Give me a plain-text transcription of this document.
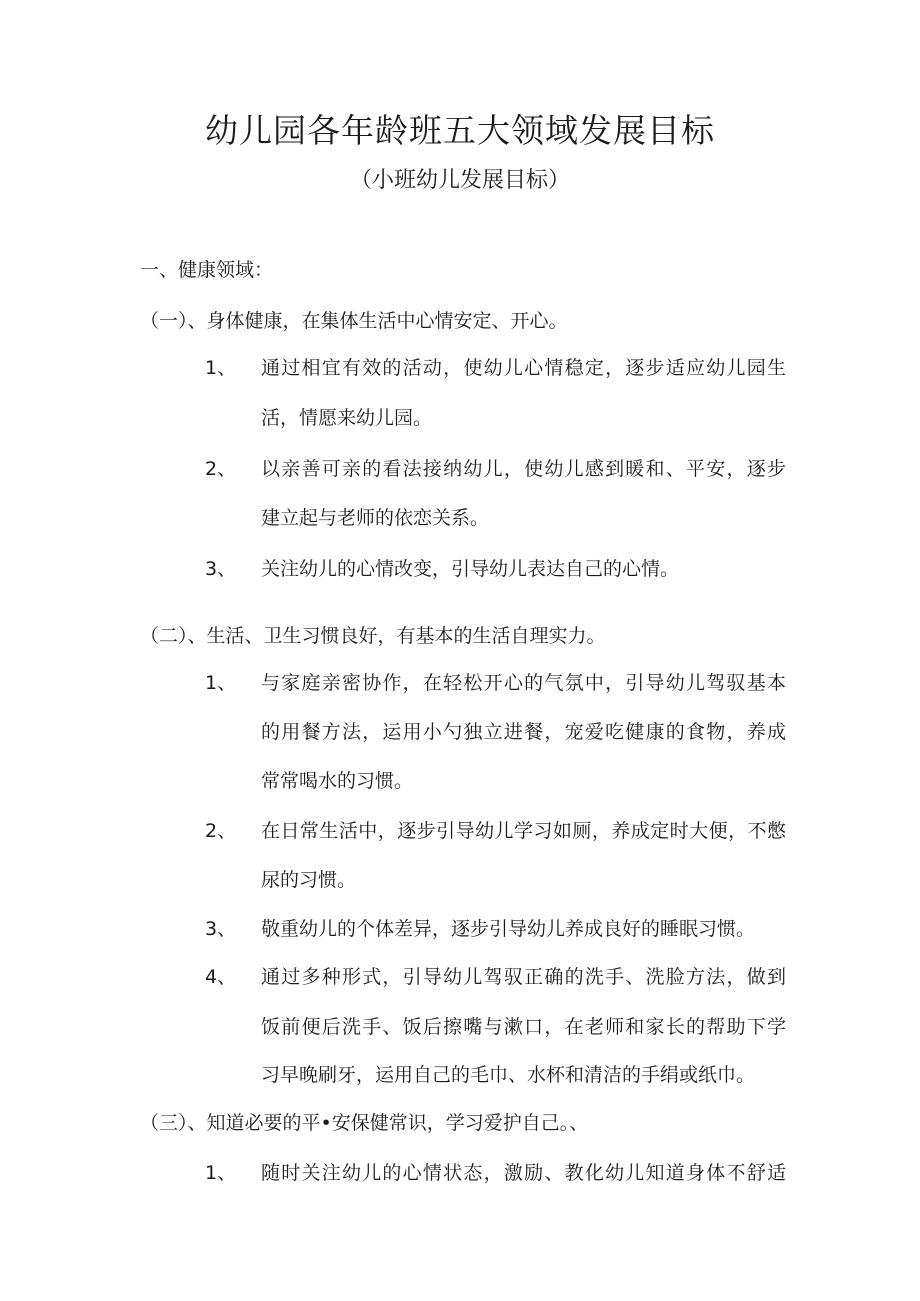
幼儿园各年龄班五大领域发展目标
（小班幼儿发展目标）
一、健康领域：
（一）、身体健康，在集体生活中心情安定、开心。
1、 通过相宜有效的活动，使幼儿心情稳定，逐步适应幼儿园生
活，情愿来幼儿园。
2、 以亲善可亲的看法接纳幼儿，使幼儿感到暖和、平安，逐步
建立起与老师的依恋关系。
3、 关注幼儿的心情改变，引导幼儿表达自己的心情。
（二）、生活、卫生习惯良好，有基本的生活自理实力。
1、 与家庭亲密协作，在轻松开心的气氛中，引导幼儿驾驭基本
的用餐方法，运用小勺独立进餐，宠爱吃健康的食物，养成
常常喝水的习惯。
2、 在日常生活中，逐步引导幼儿学习如厕，养成定时大便，不憋
尿的习惯。
3、 敬重幼儿的个体差异，逐步引导幼儿养成良好的睡眠习惯。
4、 通过多种形式，引导幼儿驾驭正确的洗手、洗脸方法，做到
饭前便后洗手、饭后擦嘴与漱口，在老师和家长的帮助下学
习早晚刷牙，运用自己的毛巾、水杯和清洁的手绢或纸巾。
（三）、知道必要的平•安保健常识，学习爱护自己。、
1、 随时关注幼儿的心情状态，激励、教化幼儿知道身体不舒适
